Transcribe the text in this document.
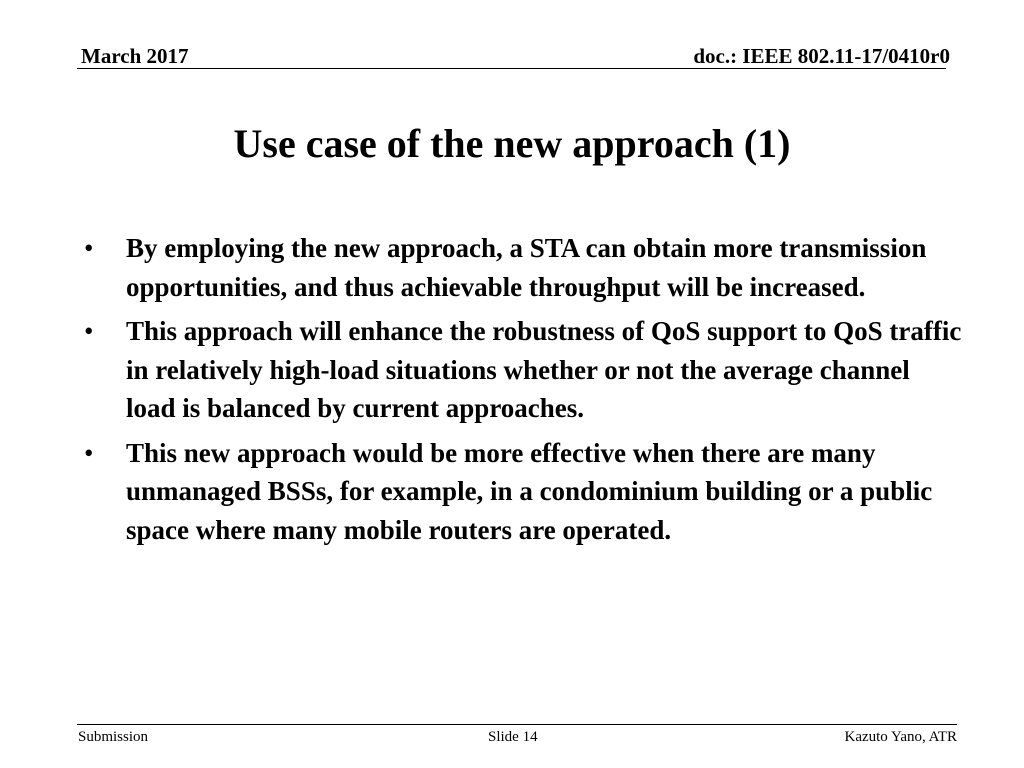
March 2017	doc.: IEEE 802.11-17/0410r0
Use case of the new approach (1)
•	By employing the new approach, a STA can obtain more transmission opportunities, and thus achievable throughput will be increased.
•	This approach will enhance the robustness of QoS support to QoS traffic in relatively high-load situations whether or not the average channel load is balanced by current approaches.
•	This new approach would be more effective when there are many unmanaged BSSs, for example, in a condominium building or a public space where many mobile routers are operated.
Submission	Slide 14	Kazuto Yano, ATR
